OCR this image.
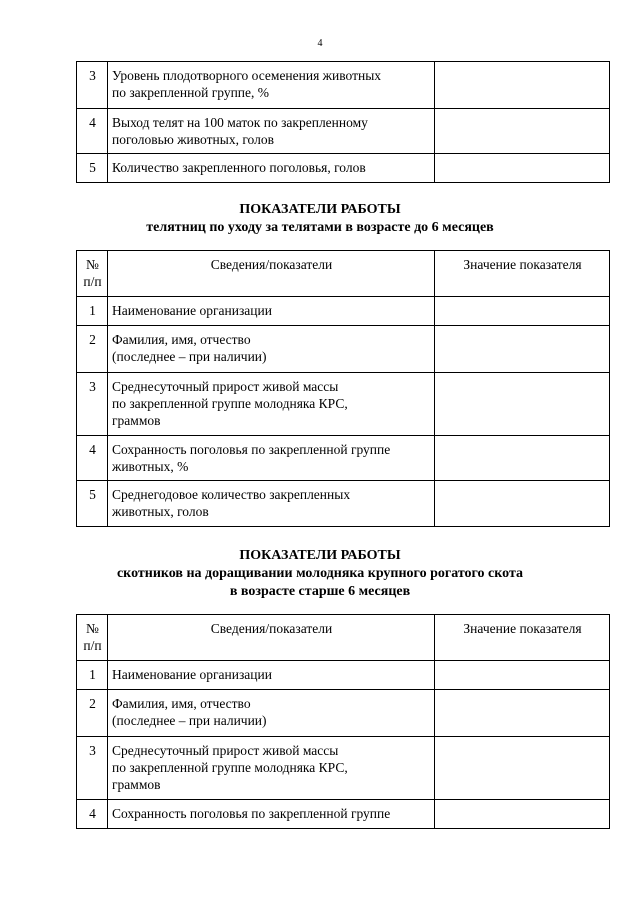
4
3	Уровень плодотворного осеменения животных
по закрепленной группе, %	

4	Выход телят на 100 маток по закрепленному
поголовью животных, голов	

5	Количество закрепленного поголовья, голов	

ПОКАЗАТЕЛИ РАБОТЫ
телятниц по уходу за телятами в возрасте до 6 месяцев
№
п/п	Сведения/показатели	Значение показателя
1	Наименование организации	

2	Фамилия, имя, отчество
(последнее – при наличии)	

3	Среднесуточный прирост живой массы
по закрепленной группе молодняка КРС,
граммов	

4	Сохранность поголовья по закрепленной группе
животных, %	

5	Среднегодовое количество закрепленных
животных, голов	

ПОКАЗАТЕЛИ РАБОТЫ
скотников на доращивании молодняка крупного рогатого скота
в возрасте старше 6 месяцев
№
п/п	Сведения/показатели	Значение показателя
1	Наименование организации	

2	Фамилия, имя, отчество
(последнее – при наличии)	

3	Среднесуточный прирост живой массы
по закрепленной группе молодняка КРС,
граммов	

4	Сохранность поголовья по закрепленной группе	
